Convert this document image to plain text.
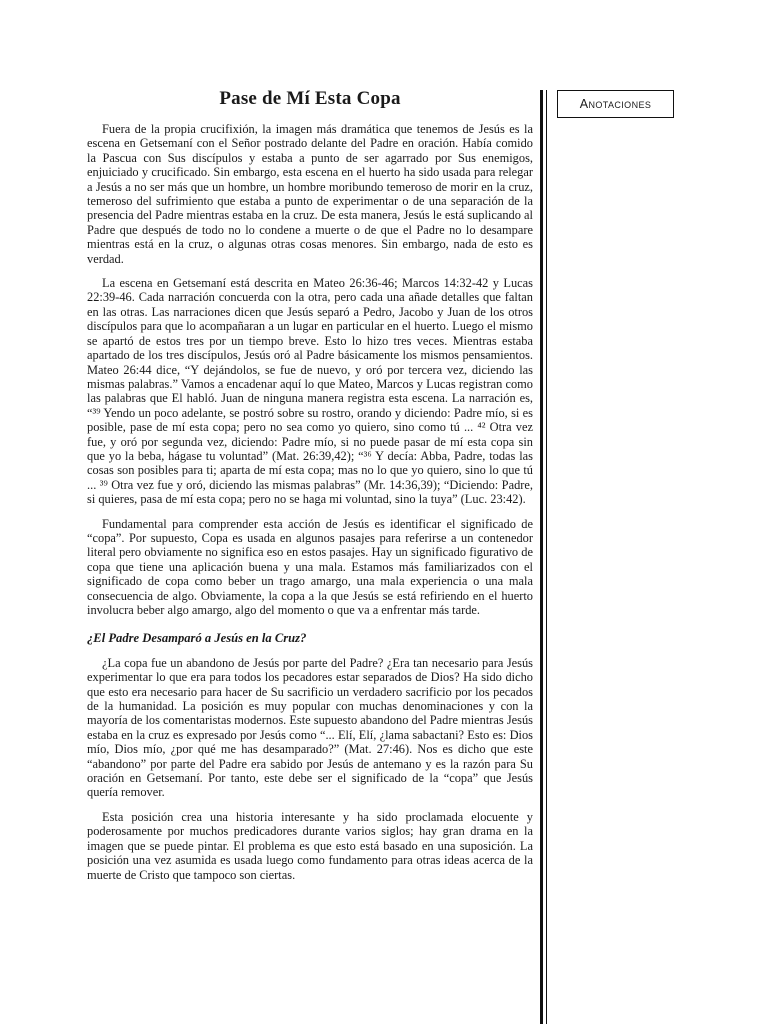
Pase de Mí Esta Copa

Fuera de la propia crucifixión, la imagen más dramática que tenemos de Jesús es la escena en Getsemaní con el Señor postrado delante del Padre en oración. Había comido la Pascua con Sus discípulos y estaba a punto de ser agarrado por Sus enemigos, enjuiciado y crucificado. Sin embargo, esta escena en el huerto ha sido usada para relegar a Jesús a no ser más que un hombre, un hombre moribundo temeroso de morir en la cruz, temeroso del sufrimiento que estaba a punto de experimentar o de una separación de la presencia del Padre mientras estaba en la cruz. De esta manera, Jesús le está suplicando al Padre que después de todo no lo condene a muerte o de que el Padre no lo desampare mientras está en la cruz, o algunas otras cosas menores. Sin embargo, nada de esto es verdad.

La escena en Getsemaní está descrita en Mateo 26:36-46; Marcos 14:32-42 y Lucas 22:39-46. Cada narración concuerda con la otra, pero cada una añade detalles que faltan en las otras. Las narraciones dicen que Jesús separó a Pedro, Jacobo y Juan de los otros discípulos para que lo acompañaran a un lugar en particular en el huerto. Luego el mismo se apartó de estos tres por un tiempo breve. Esto lo hizo tres veces. Mientras estaba apartado de los tres discípulos, Jesús oró al Padre básicamente los mismos pensamientos. Mateo 26:44 dice, “Y dejándolos, se fue de nuevo, y oró por tercera vez, diciendo las mismas palabras.” Vamos a encadenar aquí lo que Mateo, Marcos y Lucas registran como las palabras que El habló. Juan de ninguna manera registra esta escena. La narración es, “³⁹ Yendo un poco adelante, se postró sobre su rostro, orando y diciendo: Padre mío, si es posible, pase de mí esta copa; pero no sea como yo quiero, sino como tú ... ⁴² Otra vez fue, y oró por segunda vez, diciendo: Padre mío, si no puede pasar de mí esta copa sin que yo la beba, hágase tu voluntad” (Mat. 26:39,42); “³⁶ Y decía: Abba, Padre, todas las cosas son posibles para ti; aparta de mí esta copa; mas no lo que yo quiero, sino lo que tú ... ³⁹ Otra vez fue y oró, diciendo las mismas palabras” (Mr. 14:36,39); “Diciendo: Padre, si quieres, pasa de mí esta copa; pero no se haga mi voluntad, sino la tuya” (Luc. 23:42).

Fundamental para comprender esta acción de Jesús es identificar el significado de “copa”. Por supuesto, Copa es usada en algunos pasajes para referirse a un contenedor literal pero obviamente no significa eso en estos pasajes. Hay un significado figurativo de copa que tiene una aplicación buena y una mala. Estamos más familiarizados con el significado de copa como beber un trago amargo, una mala experiencia o una mala consecuencia de algo. Obviamente, la copa a la que Jesús se está refiriendo en el huerto involucra beber algo amargo, algo del momento o que va a enfrentar más tarde.

¿El Padre Desamparó a Jesús en la Cruz?

¿La copa fue un abandono de Jesús por parte del Padre? ¿Era tan necesario para Jesús experimentar lo que era para todos los pecadores estar separados de Dios? Ha sido dicho que esto era necesario para hacer de Su sacrificio un verdadero sacrificio por los pecados de la humanidad. La posición es muy popular con muchas denominaciones y con la mayoría de los comentaristas modernos. Este supuesto abandono del Padre mientras Jesús estaba en la cruz es expresado por Jesús como “... Elí, Elí, ¿lama sabactani? Esto es: Dios mío, Dios mío, ¿por qué me has desamparado?” (Mat. 27:46). Nos es dicho que este “abandono” por parte del Padre era sabido por Jesús de antemano y es la razón para Su oración en Getsemaní. Por tanto, este debe ser el significado de la “copa” que Jesús quería remover.

Esta posición crea una historia interesante y ha sido proclamada elocuente y poderosamente por muchos predicadores durante varios siglos; hay gran drama en la imagen que se puede pintar. El problema es que esto está basado en una suposición. La posición una vez asumida es usada luego como fundamento para otras ideas acerca de la muerte de Cristo que tampoco son ciertas.

Anotaciones
